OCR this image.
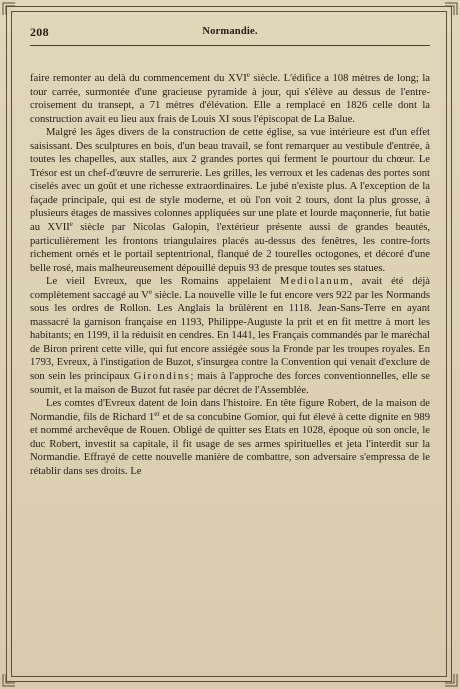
208	Normandie.

faire remonter au delà du commencement du XVIe siècle. L'édifice a 108 mètres de long; la tour carrée, surmontée d'une gracieuse pyramide à jour, qui s'élève au dessus de l'entre-croisement du transept, a 71 mètres d'élévation. Elle a remplacé en 1826 celle dont la construction avait eu lieu aux frais de Louis XI sous l'épiscopat de La Balue.

Malgré les âges divers de la construction de cette église, sa vue intérieure est d'un effet saisissant. Des sculptures en bois, d'un beau travail, se font remarquer au vestibule d'entrée, à toutes les chapelles, aux stalles, aux 2 grandes portes qui ferment le pourtour du chœur. Le Trésor est un chef-d'œuvre de serrurerie. Les grilles, les verroux et les cadenas des portes sont ciselés avec un goût et une richesse extraordinaires. Le jubé n'existe plus. A l'exception de la façade principale, qui est de style moderne, et où l'on voit 2 tours, dont la plus grosse, à plusieurs étages de massives colonnes appliquées sur une plate et lourde maçonnerie, fut batie au XVIIe siècle par Nicolas Galopin, l'extérieur présente aussi de grandes beautés, particulièrement les frontons triangulaires placés au-dessus des fenêtres, les contre-forts richement ornés et le portail septentrional, flanqué de 2 tourelles octogones, et décoré d'une belle rosé, mais malheureusement dépouillé depuis 93 de presque toutes ses statues.

Le vieil Evreux, que les Romains appelaient Mediolanum, avait été déjà complètement saccagé au Ve siècle. La nouvelle ville le fut encore vers 922 par les Normands sous les ordres de Rollon. Les Anglais la brûlèrent en 1118. Jean-Sans-Terre en ayant massacré la garnison française en 1193, Philippe-Auguste la prit et en fit mettre à mort les habitants; en 1199, il la réduisit en cendres. En 1441, les Français commandés par le maréchal de Biron prirent cette ville, qui fut encore assiégée sous la Fronde par les troupes royales. En 1793, Evreux, à l'instigation de Buzot, s'insurgea contre la Convention qui venait d'exclure de son sein les principaux Girondins; mais à l'approche des forces conventionnelles, elle se soumit, et la maison de Buzot fut rasée par décret de l'Assemblée.

Les comtes d'Evreux datent de loin dans l'histoire. En tête figure Robert, de la maison de Normandie, fils de Richard 1er et de sa concubine Gomior, qui fut élevé à cette dignite en 989 et nommé archevêque de Rouen. Obligé de quitter ses Etats en 1028, époque où son oncle, le duc Robert, investit sa capitale, il fit usage de ses armes spirituelles et jeta l'interdit sur la Normandie. Effrayé de cette nouvelle manière de combattre, son adversaire s'empressa de le rétablir dans ses droits. Le
